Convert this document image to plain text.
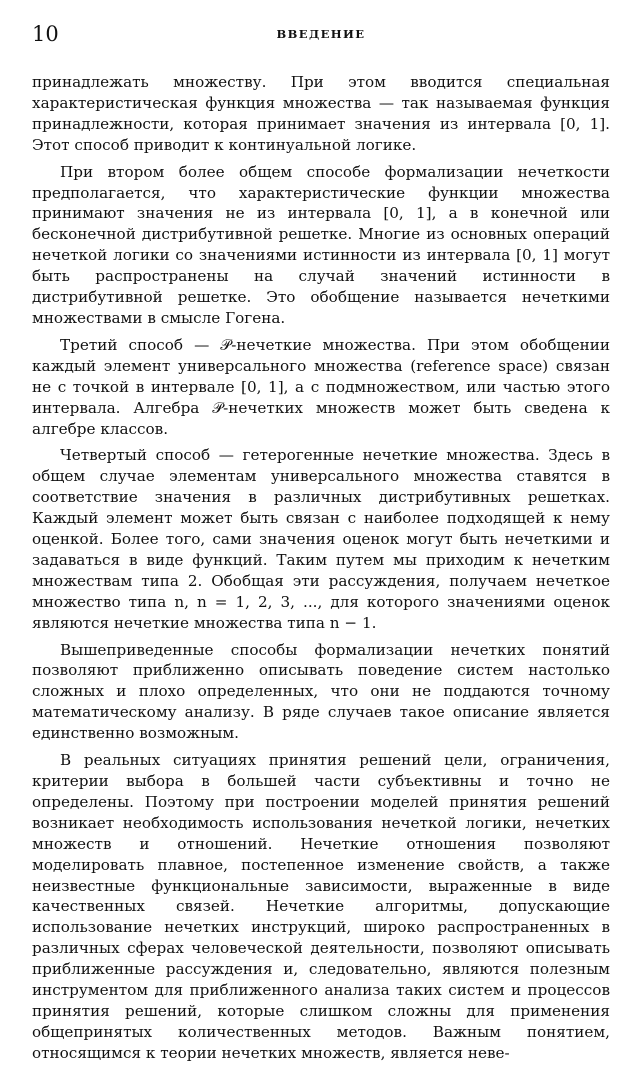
10	ВВЕДЕНИЕ

принадлежать множеству. При этом вводится специальная характеристическая функция множества — так называемая функция принадлежности, которая принимает значения из интервала [0, 1]. Этот способ приводит к континуальной логике.

При втором более общем способе формализации нечеткости предполагается, что характеристические функции множества принимают значения не из интервала [0, 1], а в конечной или бесконечной дистрибутивной решетке. Многие из основных операций нечеткой логики со значениями истинности из интервала [0, 1] могут быть распространены на случай значений истинности в дистрибутивной решетке. Это обобщение называется нечеткими множествами в смысле Гогена.

Третий способ — 𝒫-нечеткие множества. При этом обобщении каждый элемент универсального множества (reference space) связан не с точкой в интервале [0, 1], а с подмножеством, или частью этого интервала. Алгебра 𝒫-нечетких множеств может быть сведена к алгебре классов.

Четвертый способ — гетерогенные нечеткие множества. Здесь в общем случае элементам универсального множества ставятся в соответствие значения в различных дистрибутивных решетках. Каждый элемент может быть связан с наиболее подходящей к нему оценкой. Более того, сами значения оценок могут быть нечеткими и задаваться в виде функций. Таким путем мы приходим к нечетким множествам типа 2. Обобщая эти рассуждения, получаем нечеткое множество типа n, n = 1, 2, 3, ..., для которого значениями оценок являются нечеткие множества типа n − 1.

Вышеприведенные способы формализации нечетких понятий позволяют приближенно описывать поведение систем настолько сложных и плохо определенных, что они не поддаются точному математическому анализу. В ряде случаев такое описание является единственно возможным.

В реальных ситуациях принятия решений цели, ограничения, критерии выбора в большей части субъективны и точно не определены. Поэтому при построении моделей принятия решений возникает необходимость использования нечеткой логики, нечетких множеств и отношений. Нечеткие отношения позволяют моделировать плавное, постепенное изменение свойств, а также неизвестные функциональные зависимости, выраженные в виде качественных связей. Нечеткие алгоритмы, допускающие использование нечетких инструкций, широко распространенных в различных сферах человеческой деятельности, позволяют описывать приближенные рассуждения и, следовательно, являются полезным инструментом для приближенного анализа таких систем и процессов принятия решений, которые слишком сложны для применения общепринятых количественных методов. Важным понятием, относящимся к теории нечетких множеств, является неве-
